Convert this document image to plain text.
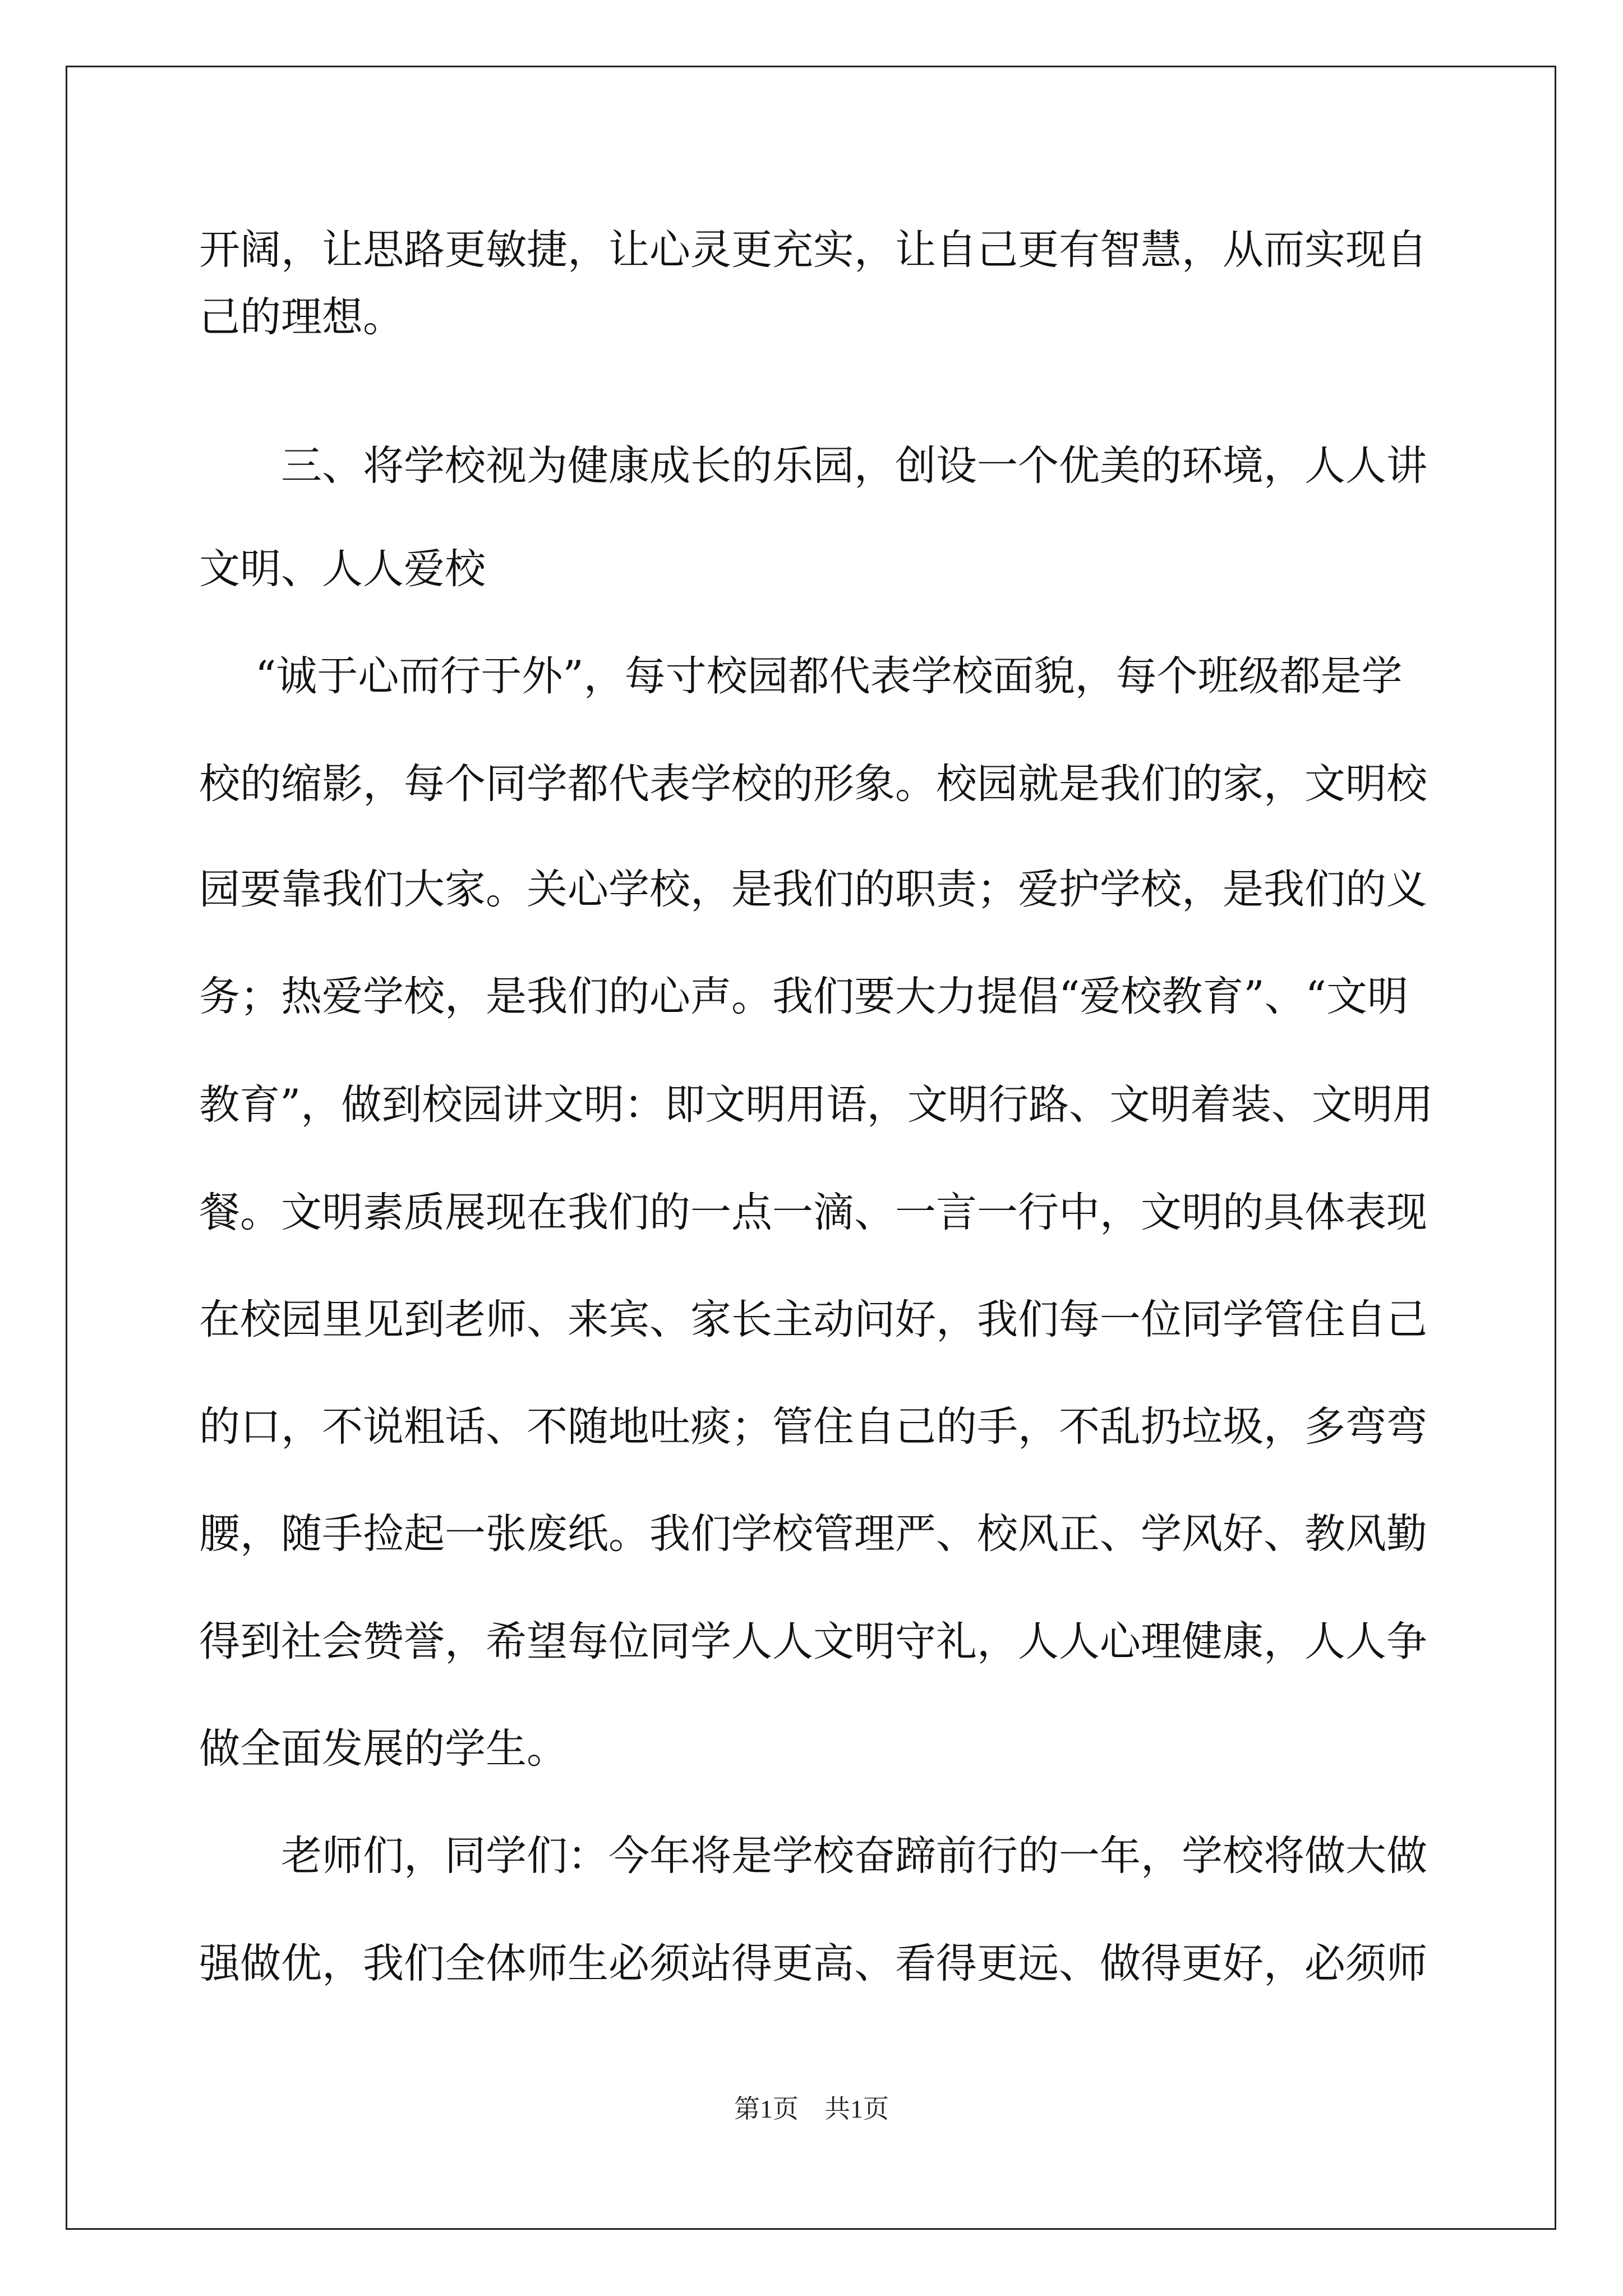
开阔，让思路更敏捷，让心灵更充实，让自己更有智慧，从而实现自
己的理想。
三、将学校视为健康成长的乐园，创设一个优美的环境，人人讲
文明、人人爱校
“诚于心而行于外”，每寸校园都代表学校面貌，每个班级都是学
校的缩影，每个同学都代表学校的形象。校园就是我们的家，文明校
园要靠我们大家。关心学校，是我们的职责；爱护学校，是我们的义
务；热爱学校，是我们的心声。我们要大力提倡“爱校教育”、“文明
教育”，做到校园讲文明：即文明用语，文明行路、文明着装、文明用
餐。文明素质展现在我们的一点一滴、一言一行中，文明的具体表现
在校园里见到老师、来宾、家长主动问好，我们每一位同学管住自己
的口，不说粗话、不随地吐痰；管住自己的手，不乱扔垃圾，多弯弯
腰，随手捡起一张废纸。我们学校管理严、校风正、学风好、教风勤
得到社会赞誉，希望每位同学人人文明守礼，人人心理健康，人人争
做全面发展的学生。
老师们，同学们：今年将是学校奋蹄前行的一年，学校将做大做
强做优，我们全体师生必须站得更高、看得更远、做得更好，必须师
第1页　共1页
